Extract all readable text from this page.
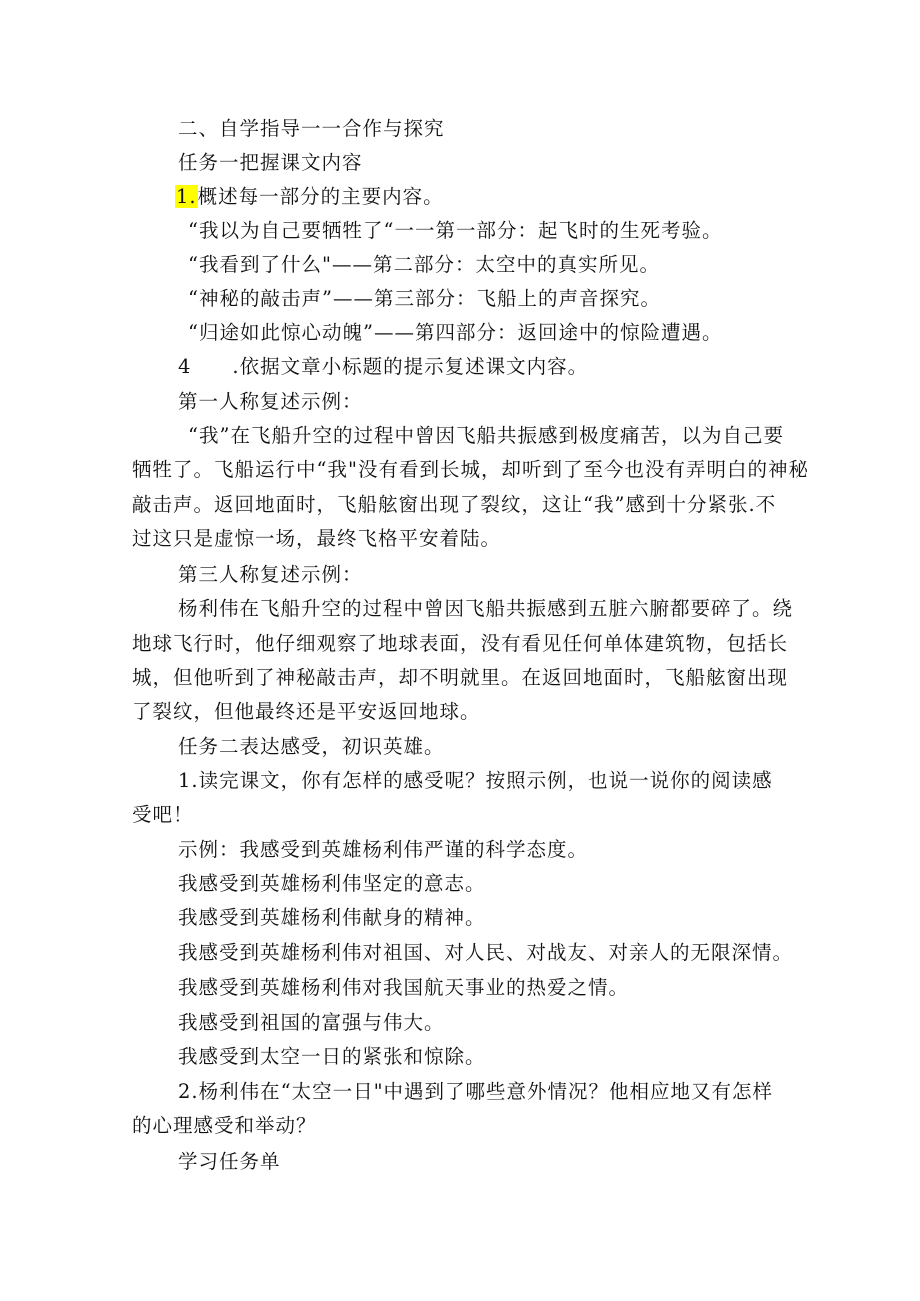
二、自学指导一一合作与探究

任务一把握课文内容

1.概述每一部分的主要内容。

“我以为自己要牺牲了“一一第一部分：起飞时的生死考验。

“我看到了什么"——第二部分：太空中的真实所见。

“神秘的敲击声”——第三部分：飞船上的声音探究。

“归途如此惊心动魄”——第四部分：返回途中的惊险遭遇。

4　　.依据文章小标题的提示复述课文内容。

第一人称复述示例：

“我”在飞船升空的过程中曾因飞船共振感到极度痛苦，以为自己要

牺牲了。飞船运行中“我"没有看到长城，却听到了至今也没有弄明白的神秘

敲击声。返回地面时，飞船舷窗出现了裂纹，这让“我”感到十分紧张.不

过这只是虚惊一场，最终飞格平安着陆。

第三人称复述示例：

杨利伟在飞船升空的过程中曾因飞船共振感到五脏六腑都要碎了。绕

地球飞行时，他仔细观察了地球表面，没有看见任何单体建筑物，包括长

城，但他听到了神秘敲击声，却不明就里。在返回地面时，飞船舷窗出现

了裂纹，但他最终还是平安返回地球。

任务二表达感受，初识英雄。

1.读完课文，你有怎样的感受呢？按照示例，也说一说你的阅读感

受吧！

示例：我感受到英雄杨利伟严谨的科学态度。

我感受到英雄杨利伟坚定的意志。

我感受到英雄杨利伟献身的精神。

我感受到英雄杨利伟对祖国、对人民、对战友、对亲人的无限深情。

我感受到英雄杨利伟对我国航天事业的热爱之情。

我感受到祖国的富强与伟大。

我感受到太空一日的紧张和惊除。

2.杨利伟在“太空一日"中遇到了哪些意外情况？他相应地又有怎样

的心理感受和举动？

学习任务单
